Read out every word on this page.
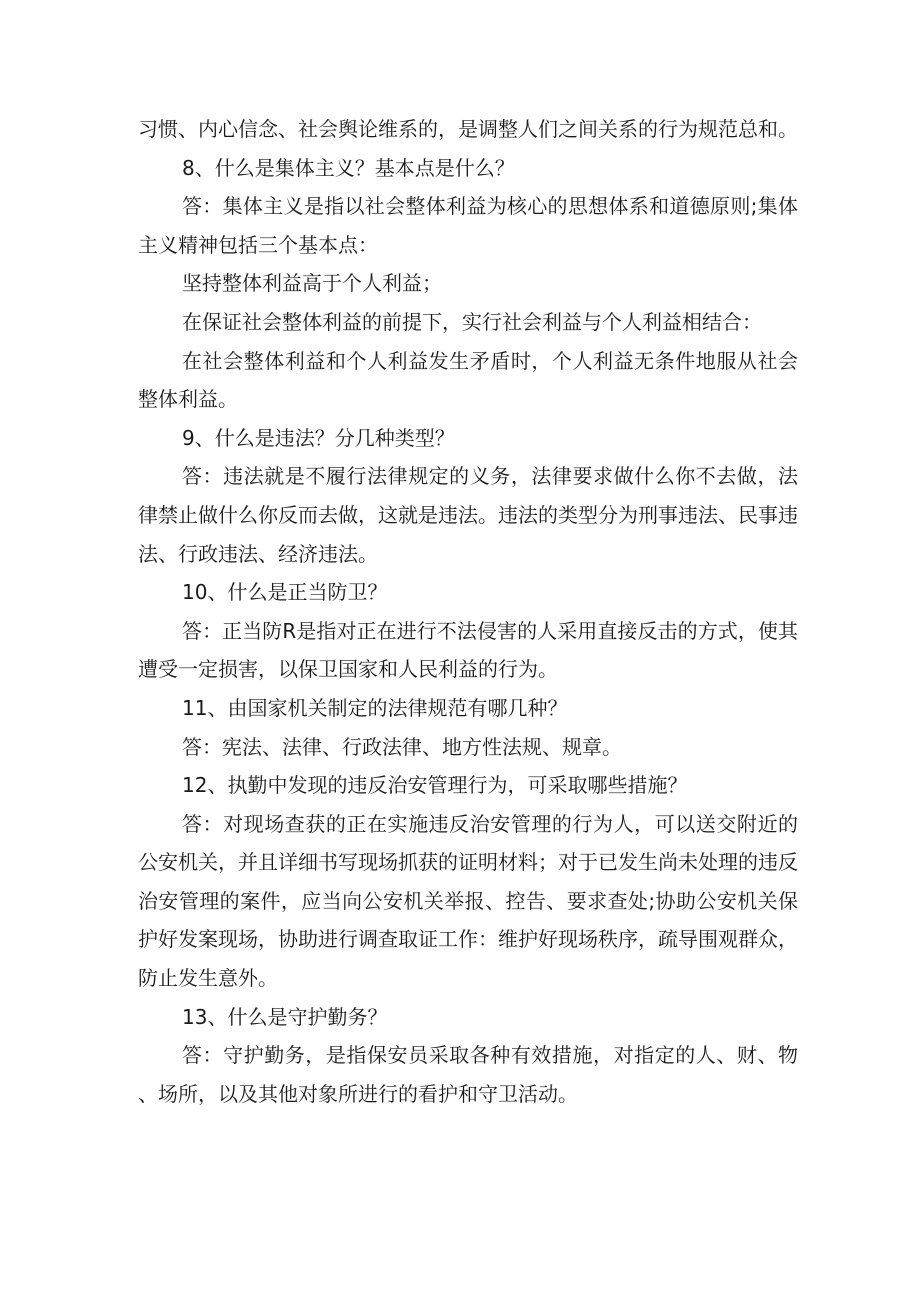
习惯、内心信念、社会舆论维系的，是调整人们之间关系的行为规范总和。

8、什么是集体主义？基本点是什么？

答：集体主义是指以社会整体利益为核心的思想体系和道德原则;集体主义精神包括三个基本点：

坚持整体利益高于个人利益；

在保证社会整体利益的前提下，实行社会利益与个人利益相结合：

在社会整体利益和个人利益发生矛盾时，个人利益无条件地服从社会整体利益。

9、什么是违法？分几种类型？

答：违法就是不履行法律规定的义务，法律要求做什么你不去做，法律禁止做什么你反而去做，这就是违法。违法的类型分为刑事违法、民事违法、行政违法、经济违法。

10、什么是正当防卫？

答：正当防R是指对正在进行不法侵害的人采用直接反击的方式，使其遭受一定损害，以保卫国家和人民利益的行为。

11、由国家机关制定的法律规范有哪几种？

答：宪法、法律、行政法律、地方性法规、规章。

12、执勤中发现的违反治安管理行为，可采取哪些措施？

答：对现场查获的正在实施违反治安管理的行为人，可以送交附近的公安机关，并且详细书写现场抓获的证明材料；对于已发生尚未处理的违反治安管理的案件，应当向公安机关举报、控告、要求查处;协助公安机关保护好发案现场，协助进行调查取证工作：维护好现场秩序，疏导围观群众，防止发生意外。

13、什么是守护勤务？

答：守护勤务，是指保安员采取各种有效措施，对指定的人、财、物、场所，以及其他对象所进行的看护和守卫活动。
